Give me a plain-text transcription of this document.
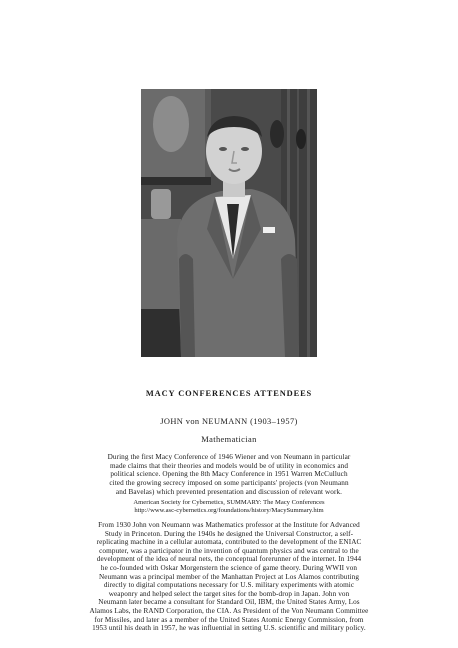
MACY CONFERENCES ATTENDEES
JOHN von NEUMANN (1903–1957)
Mathematician
During the first Macy Conference of 1946 Wiener and von Neumann in particular
made claims that their theories and models would be of utility in economics and
political science. Opening the 8th Macy Conference in 1951 Warren McCulluch
cited the growing secrecy imposed on some participants' projects (von Neumann
and Bavelas) which prevented presentation and discussion of relevant work.
American Society for Cybernetics, SUMMARY: The Macy Conferences
http://www.asc-cybernetics.org/foundations/history/MacySummary.htm
From 1930 John von Neumann was Mathematics professor at the Institute for Advanced
Study in Princeton. During the 1940s he designed the Universal Constructor, a self-
replicating machine in a cellular automata, contributed to the development of the ENIAC
computer, was a participator in the invention of quantum physics and was central to the
development of the idea of neural nets, the conceptual forerunner of the internet. In 1944
he co-founded with Oskar Morgenstern the science of game theory. During WWII von
Neumann was a principal member of the Manhattan Project at Los Alamos contributing
directly to digital computations necessary for U.S. military experiments with atomic
weaponry and helped select the target sites for the bomb-drop in Japan. John von
Neumann later became a consultant for Standard Oil, IBM, the United States Army, Los
Alamos Labs, the RAND Corporation, the CIA. As President of the Von Neumann Committee
for Missiles, and later as a member of the United States Atomic Energy Commission, from
1953 until his death in 1957, he was influential in setting U.S. scientific and military policy.
